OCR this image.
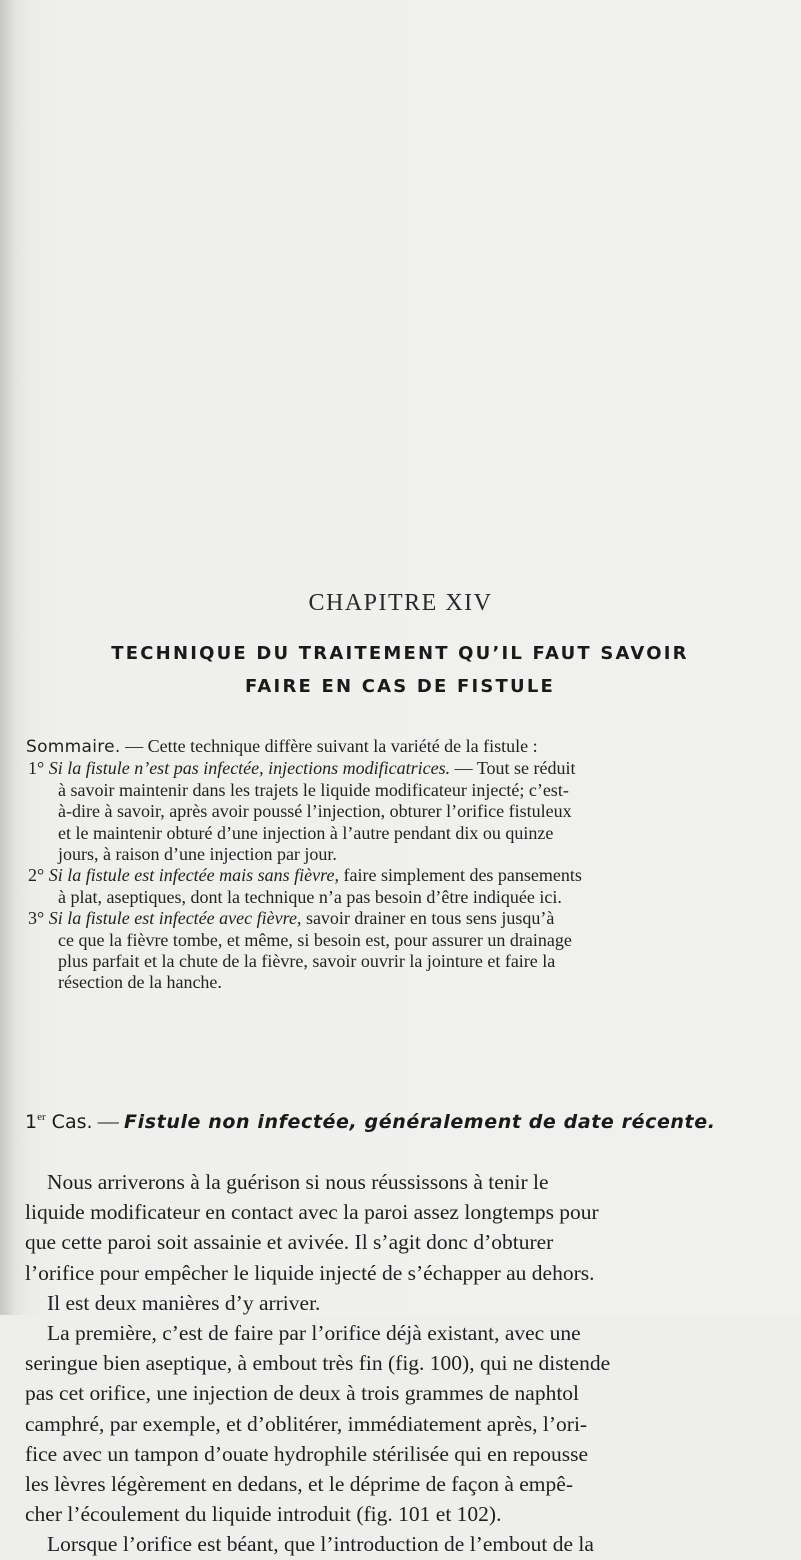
CHAPITRE XIV
TECHNIQUE DU TRAITEMENT QU’IL FAUT SAVOIR
FAIRE EN CAS DE FISTULE
Sommaire. — Cette technique diffère suivant la variété de la fistule :
1° Si la fistule n’est pas infectée, injections modificatrices. — Tout se réduit
à savoir maintenir dans les trajets le liquide modificateur injecté; c’est-
à-dire à savoir, après avoir poussé l’injection, obturer l’orifice fistuleux
et le maintenir obturé d’une injection à l’autre pendant dix ou quinze
jours, à raison d’une injection par jour.
2° Si la fistule est infectée mais sans fièvre, faire simplement des pansements
à plat, aseptiques, dont la technique n’a pas besoin d’être indiquée ici.
3° Si la fistule est infectée avec fièvre, savoir drainer en tous sens jusqu’à
ce que la fièvre tombe, et même, si besoin est, pour assurer un drainage
plus parfait et la chute de la fièvre, savoir ouvrir la jointure et faire la
résection de la hanche.
1er Cas. — Fistule non infectée, généralement de date récente.
Nous arriverons à la guérison si nous réussissons à tenir le
liquide modificateur en contact avec la paroi assez longtemps pour
que cette paroi soit assainie et avivée. Il s’agit donc d’obturer
l’orifice pour empêcher le liquide injecté de s’échapper au dehors.
Il est deux manières d’y arriver.
La première, c’est de faire par l’orifice déjà existant, avec une
seringue bien aseptique, à embout très fin (fig. 100), qui ne distende
pas cet orifice, une injection de deux à trois grammes de naphtol
camphré, par exemple, et d’oblitérer, immédiatement après, l’ori-
fice avec un tampon d’ouate hydrophile stérilisée qui en repousse
les lèvres légèrement en dedans, et le déprime de façon à empê-
cher l’écoulement du liquide introduit (fig. 101 et 102).
Lorsque l’orifice est béant, que l’introduction de l’embout de la
